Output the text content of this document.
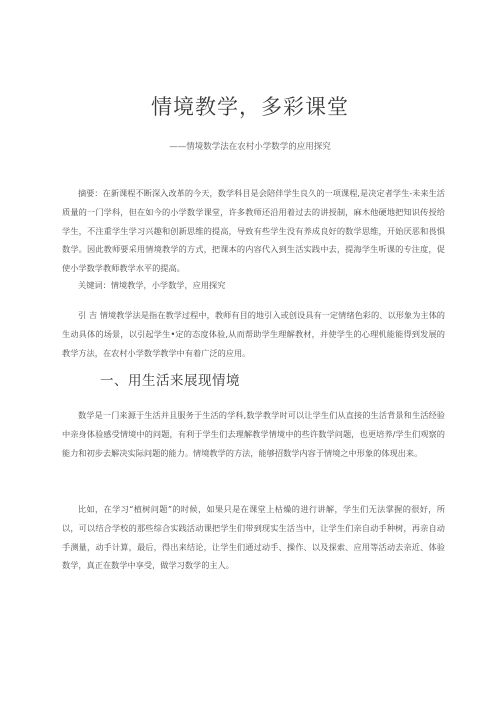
情境教学，多彩课堂
——情境数学法在农村小学数学的应用探究

摘要：在新课程不断深入改革的今天，数学科目是会陪伴学生良久的一项课程,是决定者学生-未来生活质量的一门学科，但在如今的小学数学课堂，许多教师还沿用着过去的讲授制，麻木他硬地把知识传授给学生，不注重学生学习兴趣和创新思维的提高，导致有些学生没有养成良好的数学思维，开始厌恶和畏惧数学。因此教师要采用情境教学的方式，把课本的内容代入到生活实践中去，提海学生听课的专注度，促使小学数学教师教学水平的提高。

关键词：情境教学，小学数学，应用探究

引 吉 情境教学法是指在教学过程中，教师有目的地引入或创设具有一定情绪色彩的、以形象为主体的生动具体的场景，以引起学生•定的态度体验,从而帮助学生理解教材，并使学生的心理机能能得到发展的教学方法，在农村小学数学教学中有着广泛的应用。

一、用生活来展现情境

数学是一门来源于生活并且服务于生活的学科,数学教学时可以让学生们从直接的生活背景和生活经验中亲身体验感受情境中的问题，有利于学生们去理解教学情境中的些许数学问题，也更培养/学生们观察的能力和初步去解决实际问题的能力。情境教学的方法，能够招数学内容于情境之中形象的体现出来。

比如，在学习“植树问题”的时候，如果只是在课堂上枯燥的进行讲解，学生们无法掌握的很好，所以，可以结合学校的那些综合实践活动课把学生们带到现实生活当中，让学生们亲自动手种树，再亲自动手测量，动手计算，最后，得出来结论，让学生们通过动手、操作、以及探索、应用等活动去亲近、体验数学，真正在数学中享受，做学习数学的主人。
